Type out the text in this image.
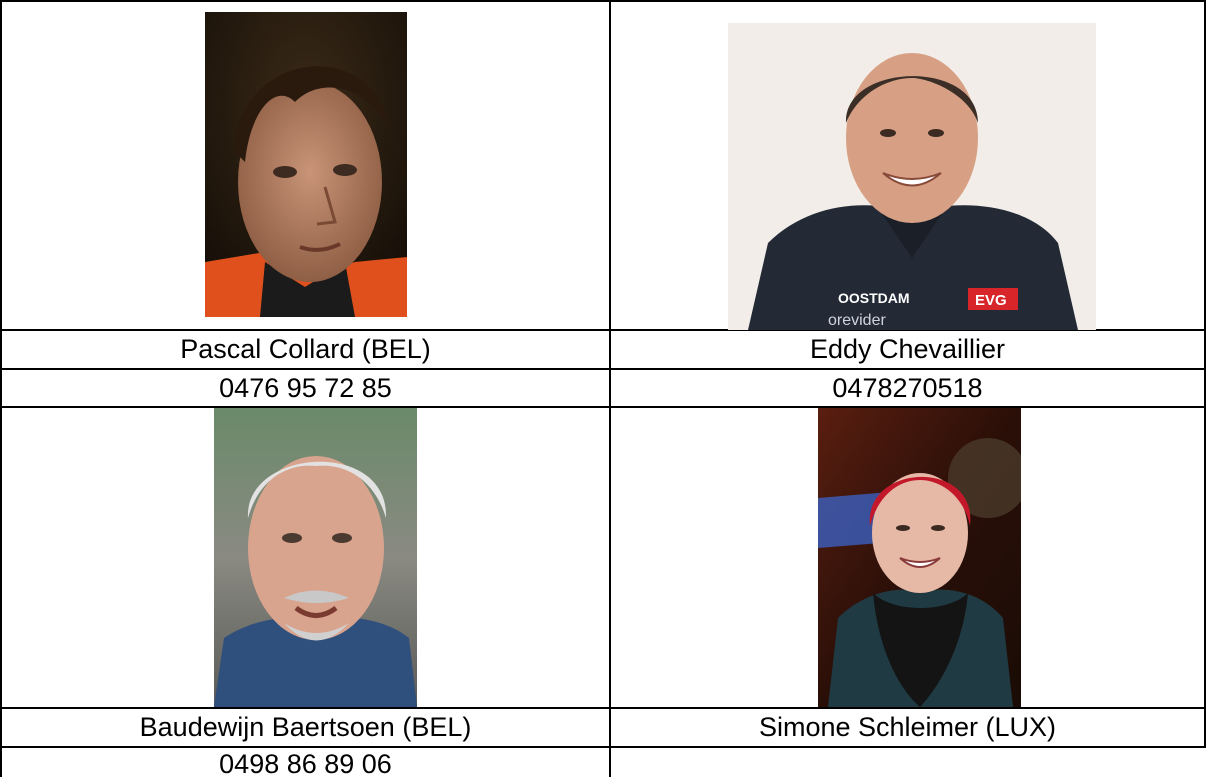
OOSTDAM	EVG
orevider
Pascal Collard (BEL)	Eddy Chevaillier
0476 95 72 85	0478270518
Baudewijn Baertsoen (BEL)	Simone Schleimer (LUX)
0498 86 89 06
